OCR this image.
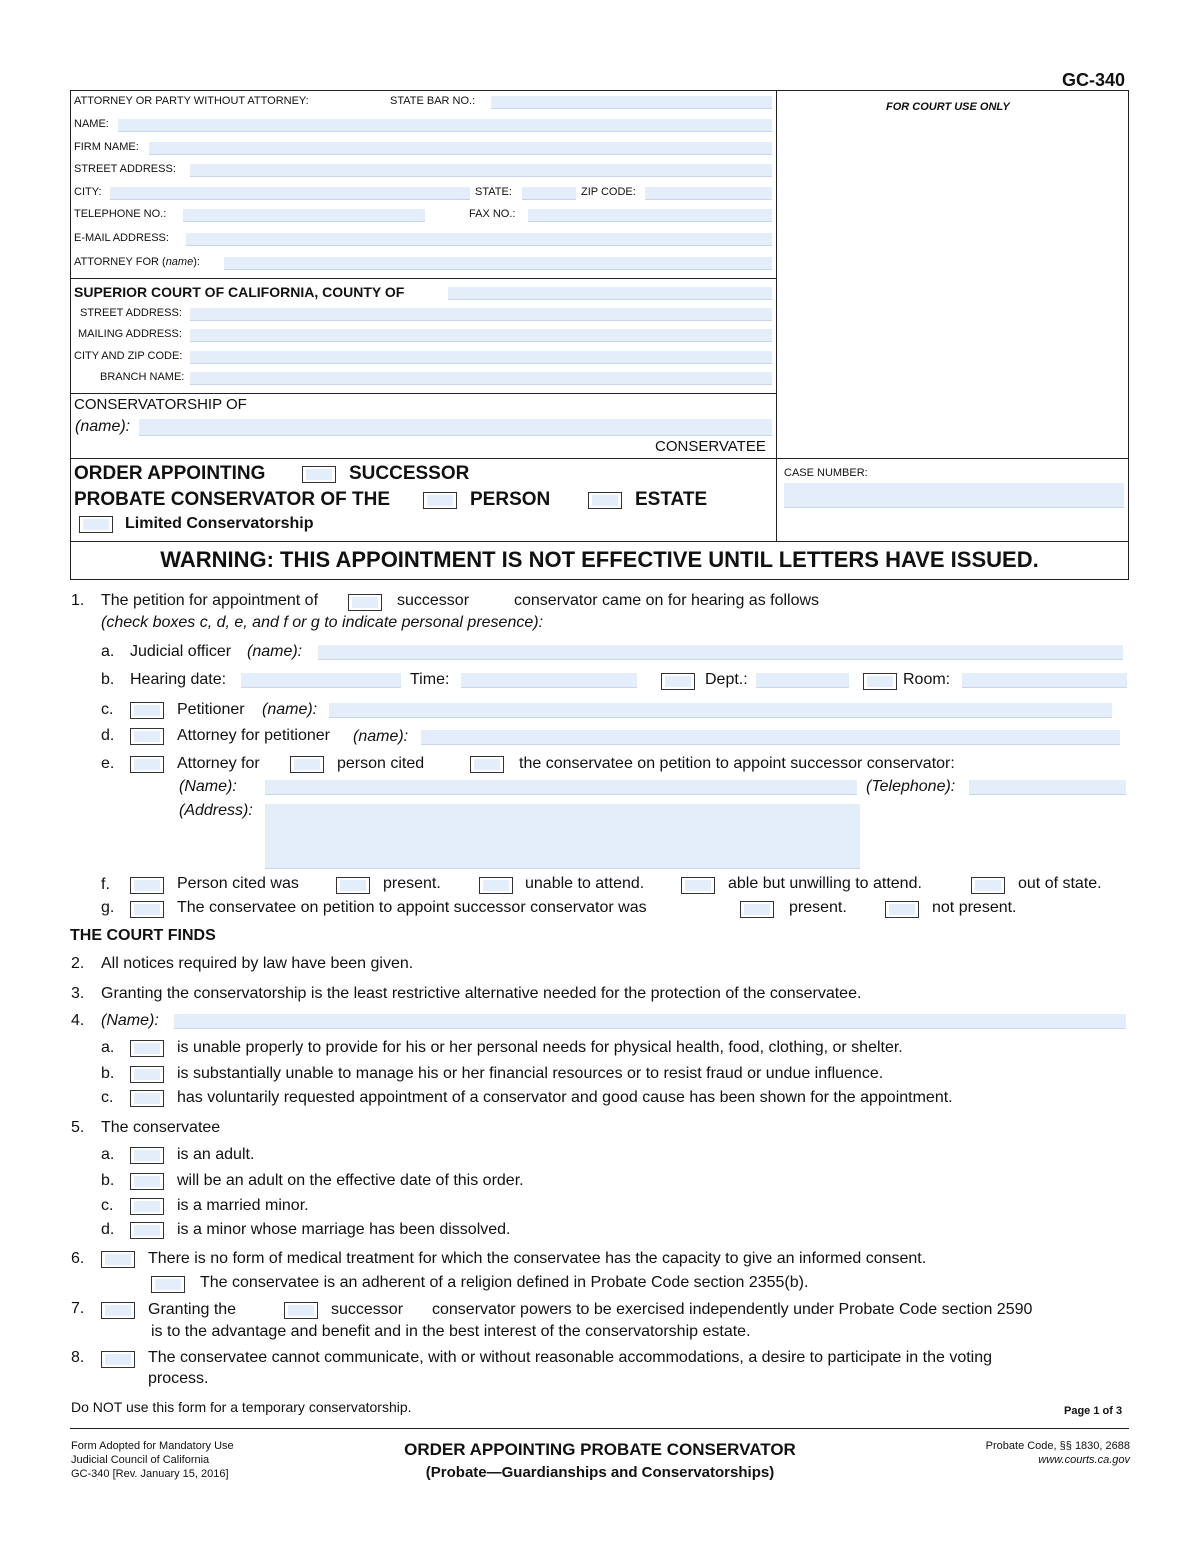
GC-340
ATTORNEY OR PARTY WITHOUT ATTORNEY:	STATE BAR NO.:
NAME:
FIRM NAME:
STREET ADDRESS:
CITY:	STATE:	ZIP CODE:
TELEPHONE NO.:	FAX NO.:
E-MAIL ADDRESS:
ATTORNEY FOR (name):
FOR COURT USE ONLY
SUPERIOR COURT OF CALIFORNIA, COUNTY OF
STREET ADDRESS:
MAILING ADDRESS:
CITY AND ZIP CODE:
BRANCH NAME:
CONSERVATORSHIP OF
(name):
CONSERVATEE
ORDER APPOINTING	SUCCESSOR
PROBATE CONSERVATOR OF THE	PERSON	ESTATE
Limited Conservatorship
CASE NUMBER:
WARNING: THIS APPOINTMENT IS NOT EFFECTIVE UNTIL LETTERS HAVE ISSUED.
1. The petition for appointment of	successor	conservator came on for hearing as follows
(check boxes c, d, e, and f or g to indicate personal presence):
a. Judicial officer (name):
b. Hearing date:	Time:	Dept.:	Room:
c.	Petitioner (name):
d.	Attorney for petitioner (name):
e.	Attorney for	person cited	the conservatee on petition to appoint successor conservator:
(Name):	(Telephone):
(Address):
f.	Person cited was	present.	unable to attend.	able but unwilling to attend.	out of state.
g.	The conservatee on petition to appoint successor conservator was	present.	not present.
THE COURT FINDS
2. All notices required by law have been given.
3. Granting the conservatorship is the least restrictive alternative needed for the protection of the conservatee.
4. (Name):
a.	is unable properly to provide for his or her personal needs for physical health, food, clothing, or shelter.
b.	is substantially unable to manage his or her financial resources or to resist fraud or undue influence.
c.	has voluntarily requested appointment of a conservator and good cause has been shown for the appointment.
5. The conservatee
a.	is an adult.
b.	will be an adult on the effective date of this order.
c.	is a married minor.
d.	is a minor whose marriage has been dissolved.
6.	There is no form of medical treatment for which the conservatee has the capacity to give an informed consent.
The conservatee is an adherent of a religion defined in Probate Code section 2355(b).
7.	Granting the	successor conservator powers to be exercised independently under Probate Code section 2590
is to the advantage and benefit and in the best interest of the conservatorship estate.
8.	The conservatee cannot communicate, with or without reasonable accommodations, a desire to participate in the voting
process.
Do NOT use this form for a temporary conservatorship.	Page 1 of 3
Form Adopted for Mandatory Use
Judicial Council of California
GC-340 [Rev. January 15, 2016]
ORDER APPOINTING PROBATE CONSERVATOR
(Probate—Guardianships and Conservatorships)
Probate Code, §§ 1830, 2688
www.courts.ca.gov
